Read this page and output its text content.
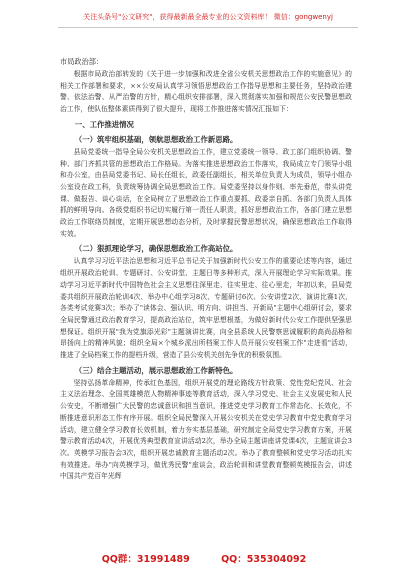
关注头条号"公文研究"，获得最新最全最专业的公文资料库！ 微信：gongwenyj

市局政治部：

根据市局政治部转发的《关于进一步加强和改进全省公安机关思想政治工作的实施意见》的相关工作部署和要求，××公安局认真学习领悟思想政治工作指导思想和主要任务，坚持政治建警、依法治警、从严治警的方针，精心组织安排部署，深入贯彻落实加强和规范公安民警思想政治工作，使队伍整体素质得到了很大提升，现将工作推进落实情况汇报如下：

一、工作推进情况

（一）筑牢组织基础，领航思想政治工作新思路。

县局党委统一指导全局公安机关思想政治工作，建立党委统一领导、政工部门组织协调、警种、部门齐抓共管的思想政治工作格局。为落实推进思想政治工作落实，我局成立专门领导小组和办公室，由县局党委书记、局长任组长，政委任副组长，相关单位负责人为成员，领导小组办公室设在政工科，负责统筹协调全局思想政治工作。局党委坚持以身作则、率先垂范，带头讲党课、做报告、谈心谈话，在全局树立了思想政治工作重点要抓、政委亲自抓、各部门负责人具体抓的鲜明导向。各级党组织书记切实履行第一责任人职责，抓好思想政治工作，各部门建立思想政治工作联络员制度，定期开展思想动态分析，及时掌握民警思想状况，确保思想政治工作取得实效。

（二）狠抓理论学习，确保思想政治工作高站位。

认真学习习近平法治思想和习近平总书记关于加强新时代公安工作的重要论述等内容，通过组织开展政治轮训、专题研讨、公安讲堂、主题日等多种形式，深入开展理论学习实际效果。推动学习习近平新时代中国特色社会主义思想往深里走、往实里走、往心里走，年初以来，县局党委共组织开展政治轮训4次、举办中心组学习8次、专题研讨6次、公安讲堂2次、演讲比赛1次、各类考试竞赛3次；举办了"读体会、强认识、明方向、讲担当、开新局"主题中心组研讨会，要求全局民警通过政治教育学习，提高政治站位，筑牢思想根基，为做好新时代公安工作提供坚强思想保证。组织开展"我为党旗添光彩"主题演讲比赛，向全县系统人民警察思诚履职的高尚品格和昂扬向上的精神风貌；组织全局×个城乡派出所档案工作人员开展公安档案工作"走进看"活动，推进了全局档案工作的提档升级，营造了县公安机关创先争优的积极氛围。

（三）结合主题活动，展示思想政治工作新特色。

坚持弘扬革命精神，传承红色基因，组织开展党的理论路线方针政策、党性党纪党风、社会主义法治理念、全国英雄模范人物精神事迹等教育活动，深入学习党史、社会主义发展史和人民公安史，不断增强广大民警的忠诚意识和担当意识，推进党史学习教育工作常态化、长效化，不断推进意识形态工作有序开展。组织全局民警深入开展公安机关在党史学习教育中党史教育学习活动，建立健全学习教育长效机制，着力夯实基层基础，研究制定全局党史学习教育方案，开展警示教育活动4次，开展优秀典型教育宣讲活动2次，举办全局主题讲座讲党课4次，主题宣讲会3次。英模学习报告会3次，组织开展忠诚教育主题活动2次。举办了教育整顿和党史学习活动扎实有效推进。举办"向英模学习，做优秀民警"座谈会，政治轮训和讲堂教育整顿英模报告会，讲述中国共产党百年光辉

QQ群：31991489	QQ：535304092
